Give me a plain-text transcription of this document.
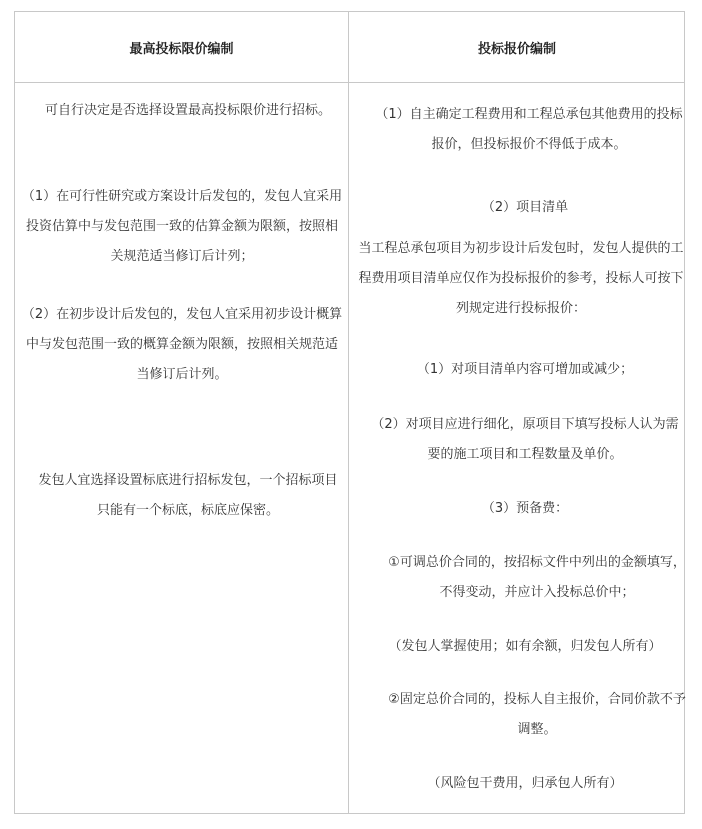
最高投标限价编制	投标报价编制
可自行决定是否选择设置最高投标限价进行招标。
（1）在可行性研究或方案设计后发包的，发包人宜采用投资估算中与发包范围一致的估算金额为限额，按照相关规范适当修订后计列；
（2）在初步设计后发包的，发包人宜采用初步设计概算中与发包范围一致的概算金额为限额，按照相关规范适当修订后计列。
发包人宜选择设置标底进行招标发包，一个招标项目只能有一个标底，标底应保密。
（1）自主确定工程费用和工程总承包其他费用的投标报价，但投标报价不得低于成本。
（2）项目清单
当工程总承包项目为初步设计后发包时，发包人提供的工程费用项目清单应仅作为投标报价的参考，投标人可按下列规定进行投标报价：
（1）对项目清单内容可增加或减少；
（2）对项目应进行细化，原项目下填写投标人认为需要的施工项目和工程数量及单价。
（3）预备费：
①可调总价合同的，按招标文件中列出的金额填写，不得变动，并应计入投标总价中；
（发包人掌握使用；如有余额，归发包人所有）
②固定总价合同的，投标人自主报价，合同价款不予调整。
（风险包干费用，归承包人所有）
